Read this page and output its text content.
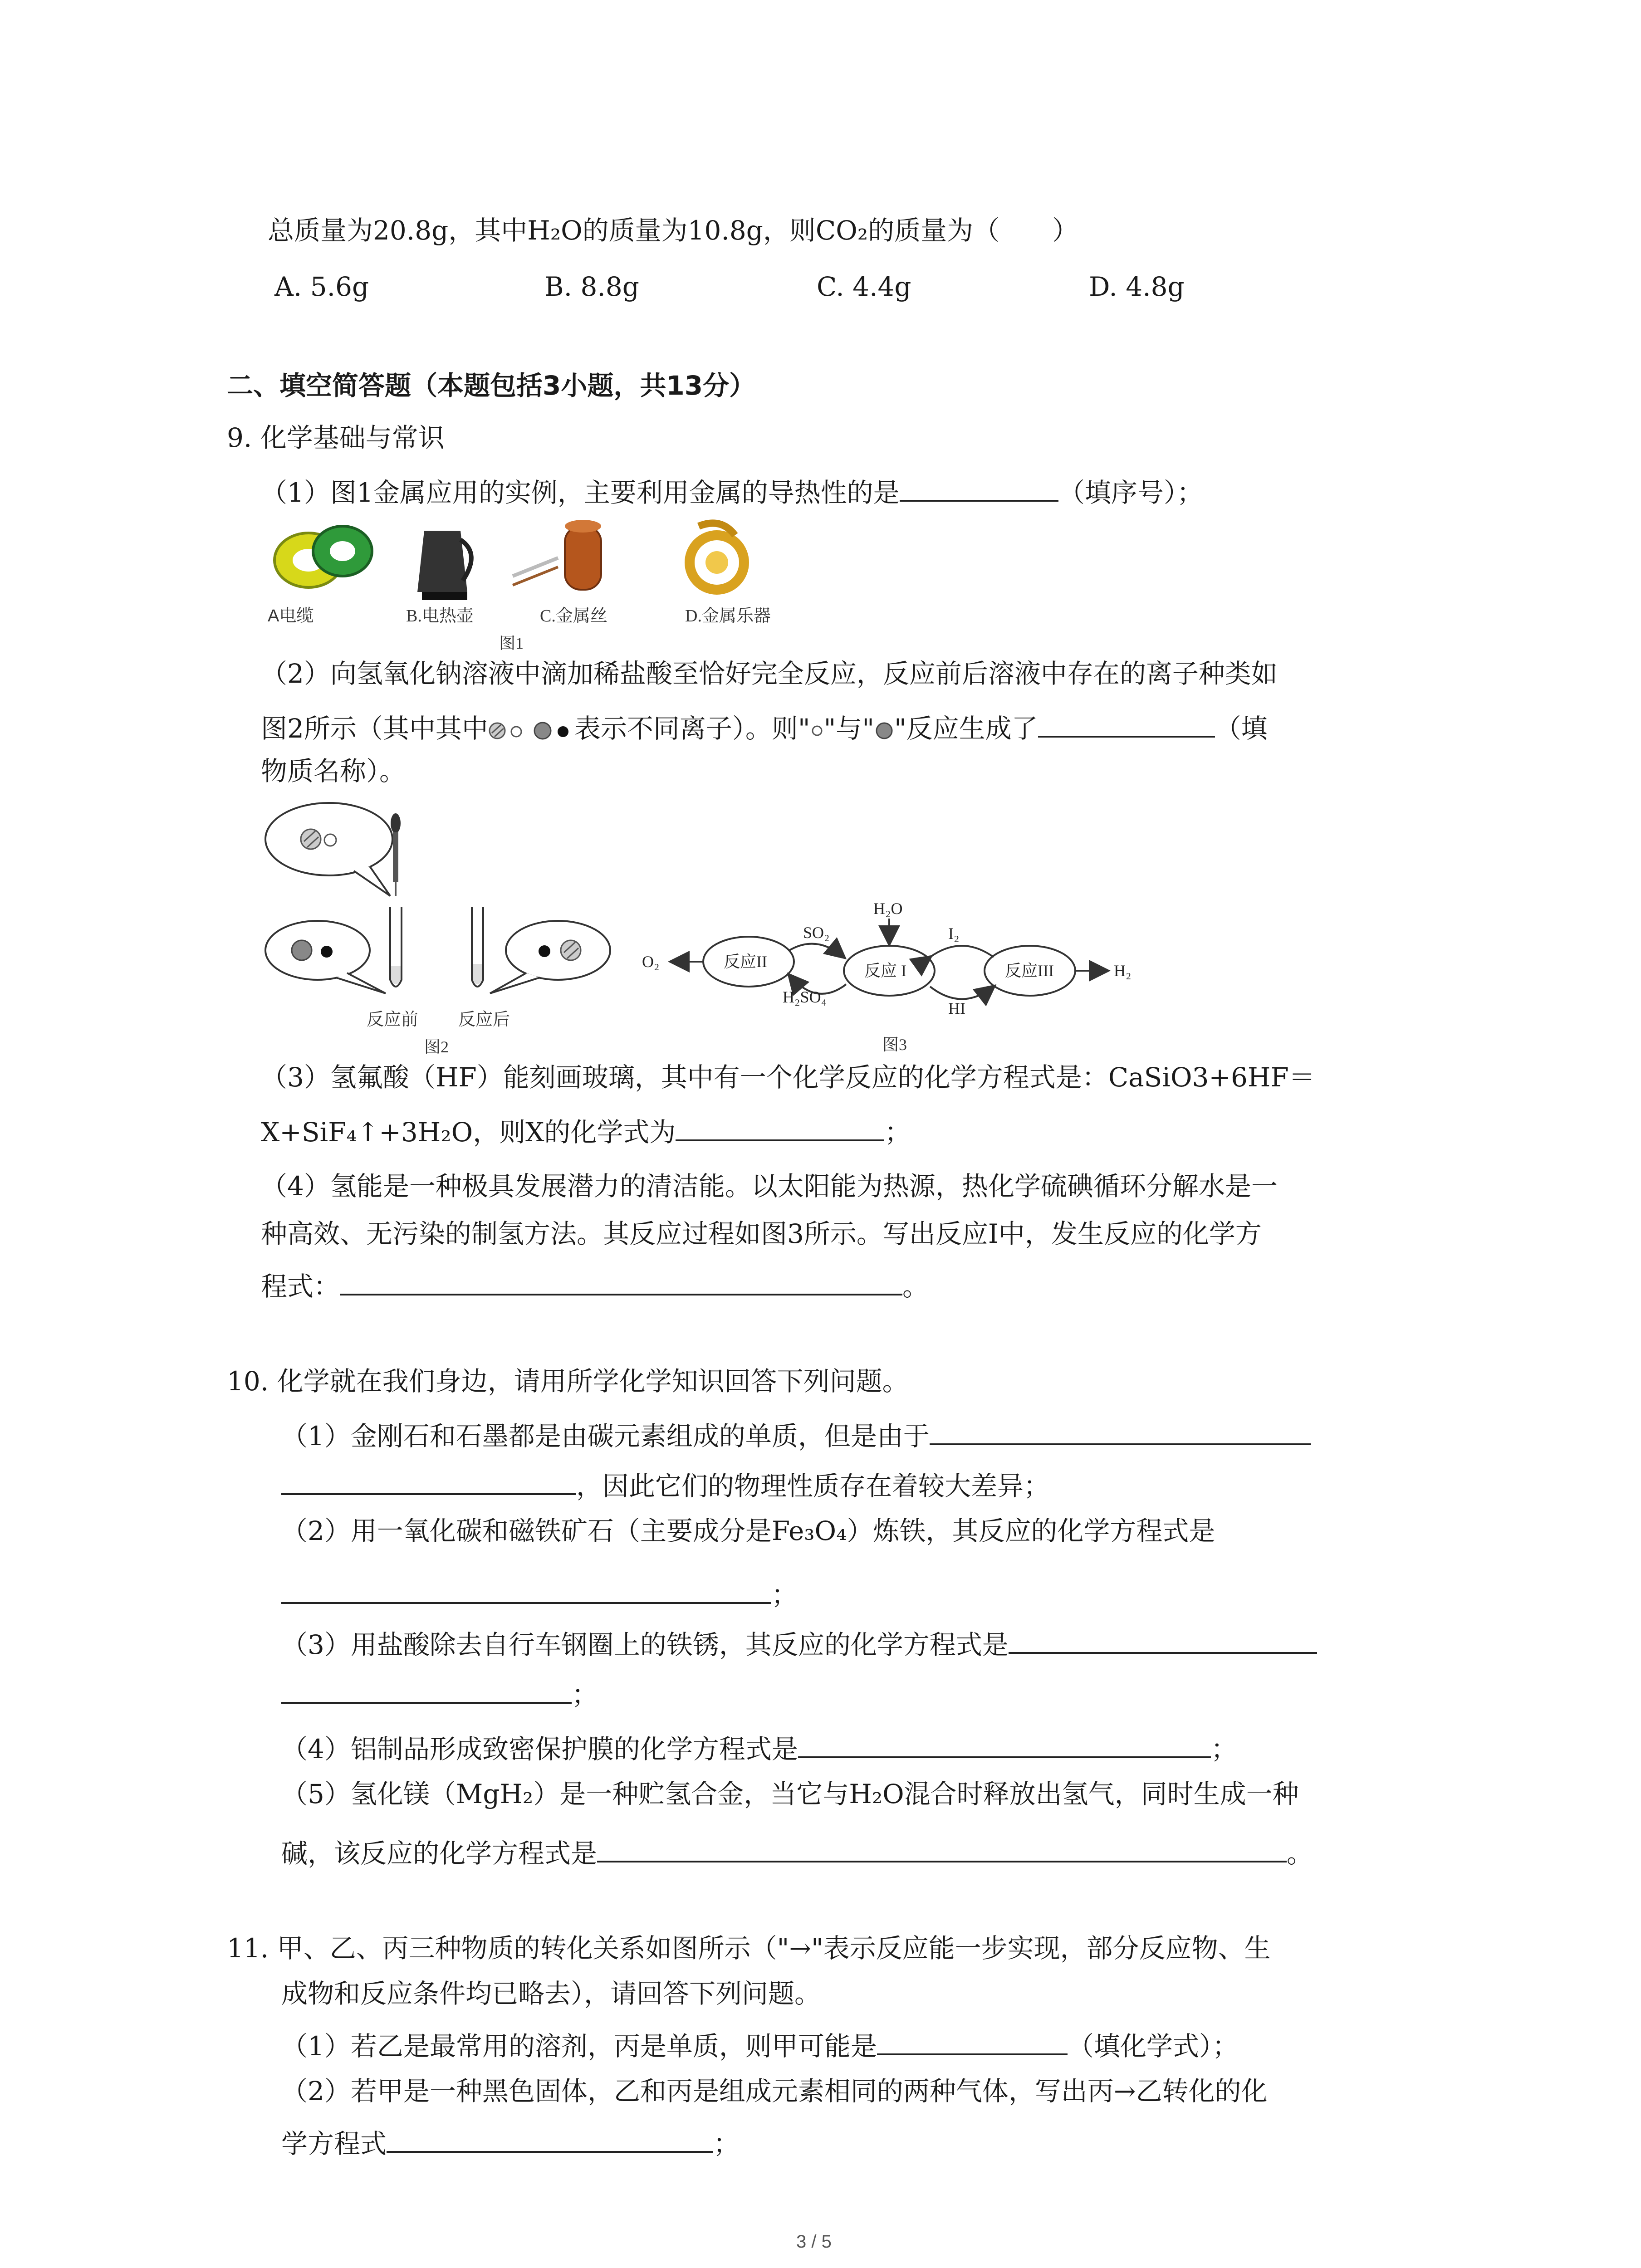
总质量为20.8g，其中H₂O的质量为10.8g，则CO₂的质量为（　　）
A. 5.6g	B. 8.8g	C. 4.4g	D. 4.8g
二、填空简答题（本题包括3小题，共13分）
9. 化学基础与常识
（1）图1金属应用的实例，主要利用金属的导热性的是	（填序号）；
A电缆	B.电热壶	C.金属丝	D.金属乐器
图1
（2）向氢氧化钠溶液中滴加稀盐酸至恰好完全反应，反应前后溶液中存在的离子种类如
图2所示（其中其中	表示不同离子）。则" "与" "反应生成了	（填
物质名称）。
反应前 反应后
图2
反应II	反应 I	反应III
O₂	H₂
H₂O
SO₂
H₂SO₄
I₂
HI
图3
（3）氢氟酸（HF）能刻画玻璃，其中有一个化学反应的化学方程式是：CaSiO3+6HF＝
X+SiF₄↑+3H₂O，则X的化学式为	；
（4）氢能是一种极具发展潜力的清洁能。以太阳能为热源，热化学硫碘循环分解水是一
种高效、无污染的制氢方法。其反应过程如图3所示。写出反应I中，发生反应的化学方
程式：	。
10. 化学就在我们身边，请用所学化学知识回答下列问题。
（1）金刚石和石墨都是由碳元素组成的单质，但是由于
，因此它们的物理性质存在着较大差异；
（2）用一氧化碳和磁铁矿石（主要成分是Fe₃O₄）炼铁，其反应的化学方程式是
；
（3）用盐酸除去自行车钢圈上的铁锈，其反应的化学方程式是
；
（4）铝制品形成致密保护膜的化学方程式是	；
（5）氢化镁（MgH₂）是一种贮氢合金，当它与H₂O混合时释放出氢气，同时生成一种
碱，该反应的化学方程式是	。
11. 甲、乙、丙三种物质的转化关系如图所示（"→"表示反应能一步实现，部分反应物、生
成物和反应条件均已略去），请回答下列问题。
（1）若乙是最常用的溶剂，丙是单质，则甲可能是	（填化学式）；
（2）若甲是一种黑色固体，乙和丙是组成元素相同的两种气体，写出丙→乙转化的化
学方程式	；
3 / 5
